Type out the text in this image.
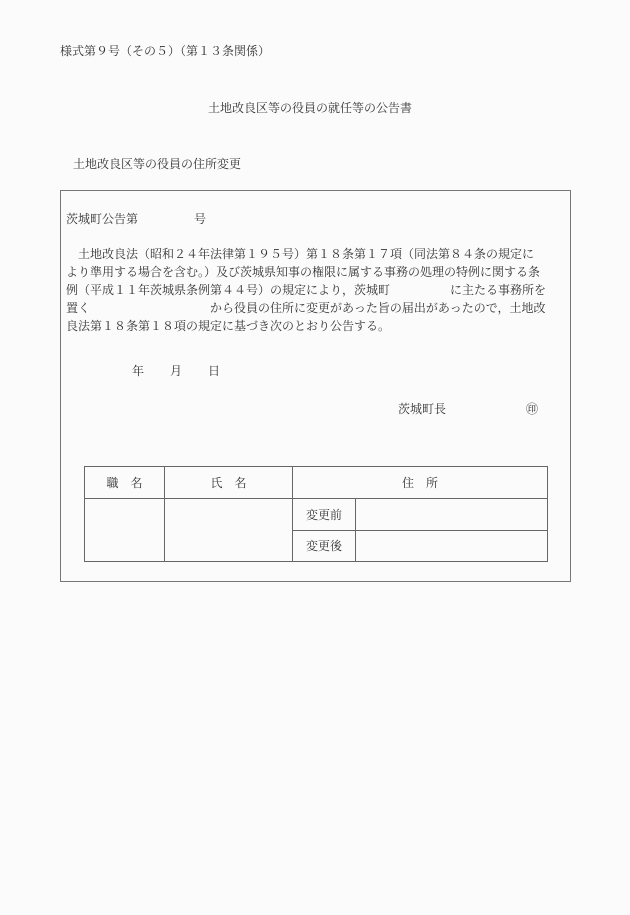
様式第９号（その５）（第１３条関係）
土地改良区等の役員の就任等の公告書
土地改良区等の役員の住所変更
茨城町公告第	号
　土地改良法（昭和２４年法律第１９５号）第１８条第１７項（同法第８４条の規定に
より準用する場合を含む。）及び茨城県知事の権限に属する事務の処理の特例に関する条
例（平成１１年茨城県条例第４４号）の規定により，茨城町　　　　　に主たる事務所を
置く　　　　　　　　　　から役員の住所に変更があった旨の届出があったので，土地改
良法第１８条第１８項の規定に基づき次のとおり公告する。
年 月 日
茨城町長	㊞
職　名	氏　名	住　所	
		変更前	
		変更後	
